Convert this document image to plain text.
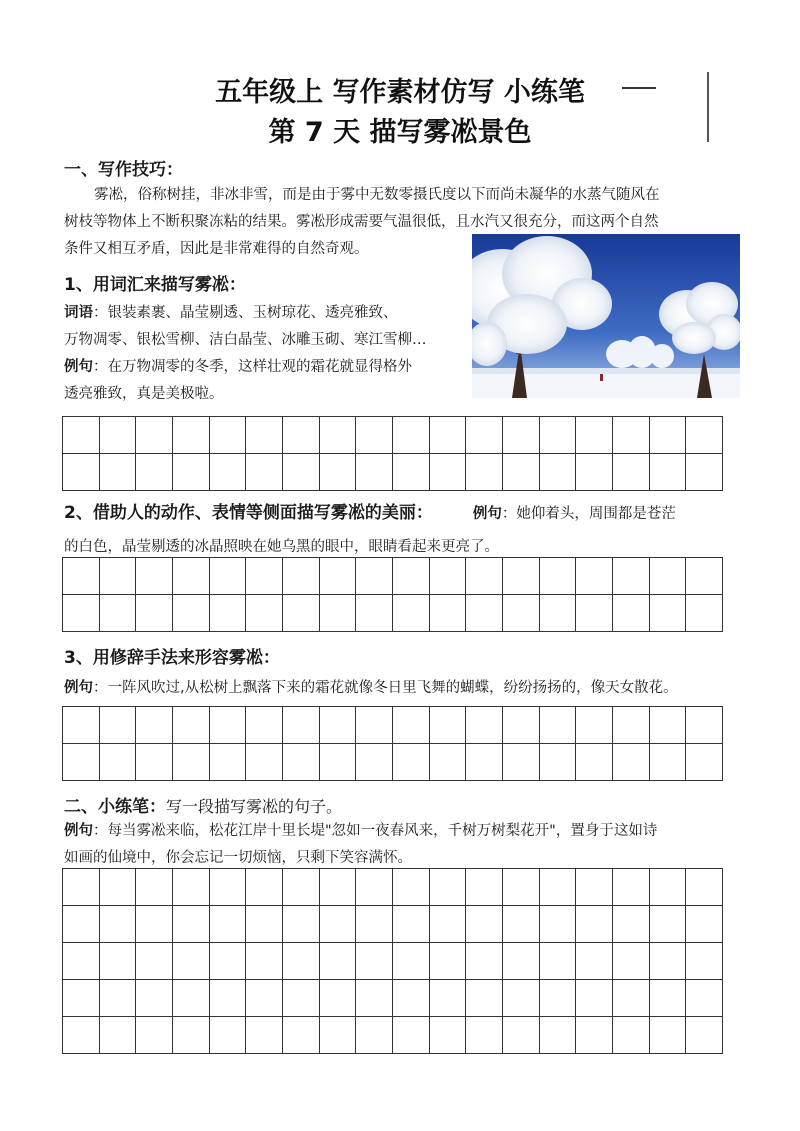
五年级上 写作素材仿写 小练笔
第 7 天 描写雾凇景色
一、写作技巧：
雾凇，俗称树挂，非冰非雪，而是由于雾中无数零摄氏度以下而尚未凝华的水蒸气随风在
树枝等物体上不断积聚冻粘的结果。雾凇形成需要气温很低，且水汽又很充分，而这两个自然
条件又相互矛盾，因此是非常难得的自然奇观。
1、用词汇来描写雾凇：
词语：银装素裹、晶莹剔透、玉树琼花、透亮雅致、
万物凋零、银松雪柳、洁白晶莹、冰雕玉砌、寒江雪柳…
例句：在万物凋零的冬季，这样壮观的霜花就显得格外
透亮雅致，真是美极啦。
2、借助人的动作、表情等侧面描写雾凇的美丽：	例句：她仰着头，周围都是苍茫
的白色，晶莹剔透的冰晶照映在她乌黑的眼中，眼睛看起来更亮了。
3、用修辞手法来形容雾凇：
例句：一阵风吹过,从松树上飘落下来的霜花就像冬日里飞舞的蝴蝶，纷纷扬扬的，像天女散花。
二、小练笔：写一段描写雾凇的句子。
例句：每当雾凇来临，松花江岸十里长堤"忽如一夜春风来，千树万树梨花开"，置身于这如诗
如画的仙境中，你会忘记一切烦恼，只剩下笑容满怀。
